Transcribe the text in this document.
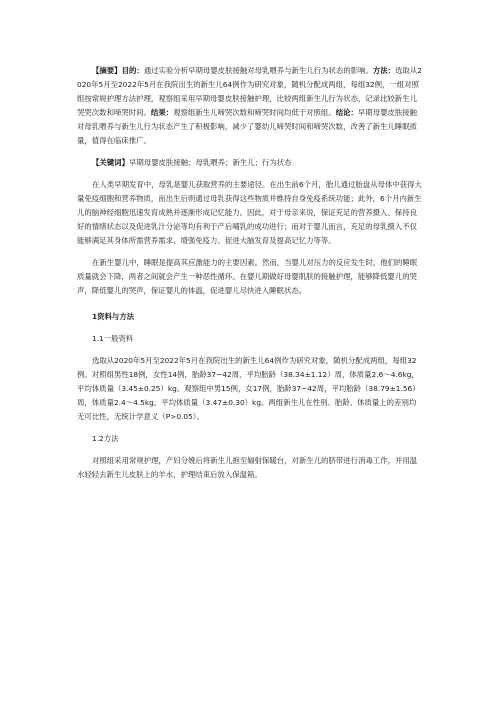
【摘要】目的：通过实验分析早期母婴皮肤接触对母乳喂养与新生儿行为状态的影响。方法：选取从2020年5月至2022年5月在我院出生的新生儿64例作为研究对象，随机分配成两组，每组32例，一组对照组按常规护理方法护理，观察组采用早期母婴皮肤接触护理，比较两组新生儿行为状态，记录比较新生儿哭哭次数和啼哭时间。结果：观察组新生儿啼哭次数和啼哭时间均低于对照组。结论：早期母婴皮肤接触对母乳喂养与新生儿行为状态产生了积极影响，减少了婴幼儿啼哭时间和啼哭次数，改善了新生儿睡眠质量，值得在临床推广。

【关键词】早期母婴皮肤接触；母乳喂养；新生儿；行为状态

在人类早期发育中，母乳是婴儿获取营养的主要途径。在出生前6个月，胎儿通过胎盘从母体中获得大量免疫细胞和营养物质，而出生后则通过母乳获得这些物质并维持自身免疫系统功能；此外，6个月内新生儿的脑神经细胞迅速发育成熟并逐渐形成记忆能力。因此，对于母亲来说，保证充足的营养摄入、保持良好的情绪状态以及促进乳汁分泌等均有利于产后哺乳的成功进行；而对于婴儿而言，充足的母乳摄入不仅能够满足其身体所需营养需求、增强免疫力、促进大脑发育及提高记忆力等等。

在新生婴儿中，睡眠是提高其应激能力的主要因素。然而，当婴儿对压力的反应发生时，他们的睡眠质量就会下降，两者之间就会产生一种恶性循环。在婴儿期做好母婴肌肤的接触护理，能够降低婴儿的哭声，降低婴儿的哭声，保证婴儿的体温，促进婴儿尽快进入睡眠状态。

1资料与方法

1.1一般资料

选取从2020年5月至2022年5月在我院出生的新生儿64例作为研究对象，随机分配成两组，每组32例。对照组男性18例，女性14例，胎龄37~42周，平均胎龄（38.34±1.12）周，体质量2.6～4.6kg，平均体质量（3.45±0.25）kg。观察组中男15例，女17例，胎龄37~42周，平均胎龄（38.79±1.56）周，体质量2.4～4.5kg，平均体质量（3.47±0.30）kg。两组新生儿在性别、胎龄、体质量上的差别均无可比性，无统计学意义（P>0.05）。

1.2方法

对照组采用常规护理，产妇分娩后将新生儿抱至辐射保暖台，对新生儿的脐带进行消毒工作，并用温水轻轻去新生儿皮肤上的羊水，护理结束后放入保温箱。
